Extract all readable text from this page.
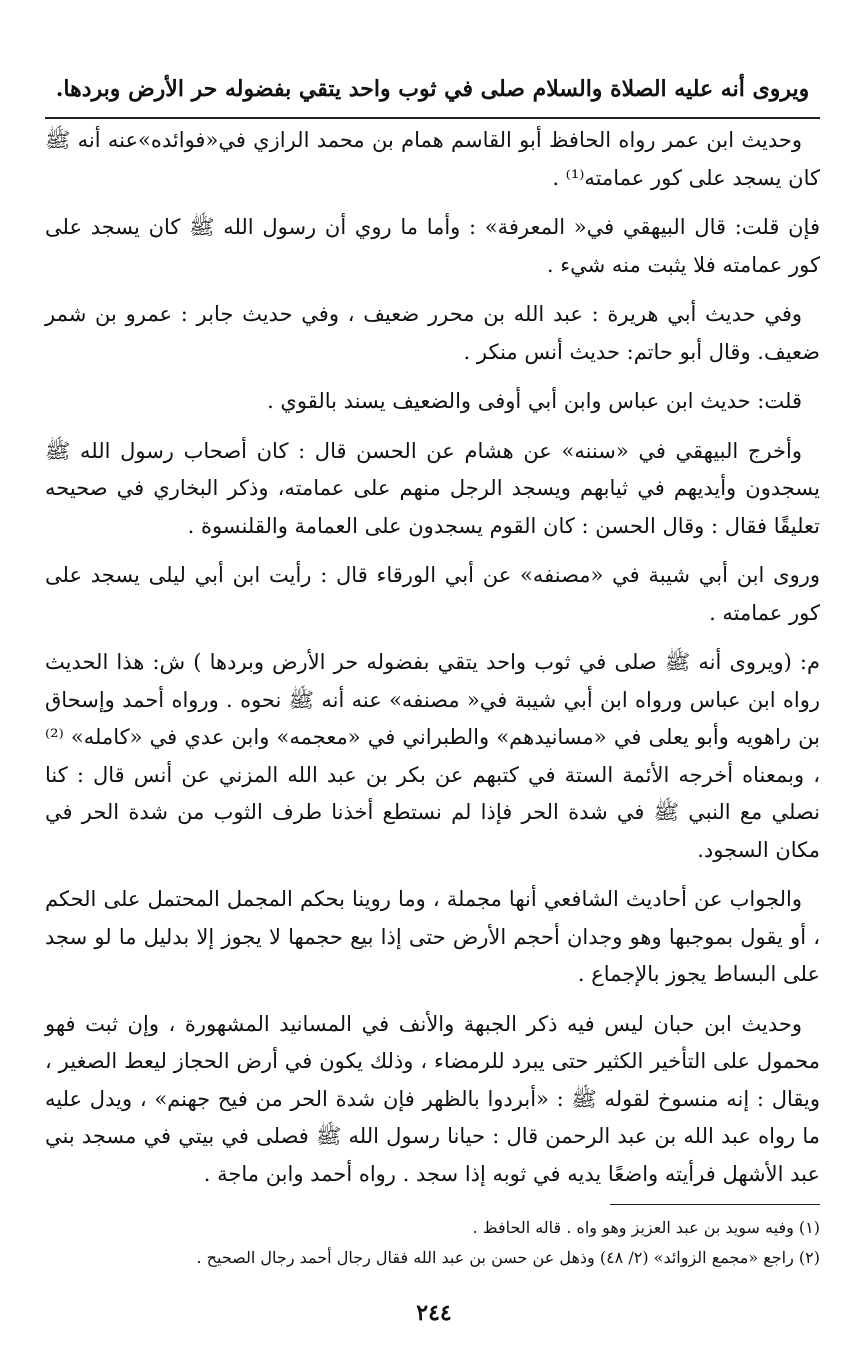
ويروى أنه عليه الصلاة والسلام صلى في ثوب واحد يتقي بفضوله حر الأرض وبردها.

وحديث ابن عمر رواه الحافظ أبو القاسم همام بن محمد الرازي في«فوائده»عنه أنه ﷺ كان يسجد على كور عمامته⁽¹⁾ .

فإن قلت: قال البيهقي في« المعرفة» : وأما ما روي أن رسول الله ﷺ كان يسجد على كور عمامته فلا يثبت منه شيء .

وفي حديث أبي هريرة : عبد الله بن محرر ضعيف ، وفي حديث جابر : عمرو بن شمر ضعيف. وقال أبو حاتم: حديث أنس منكر .

قلت: حديث ابن عباس وابن أبي أوفى والضعيف يسند بالقوي .

وأخرج البيهقي في «سننه» عن هشام عن الحسن قال : كان أصحاب رسول الله ﷺ يسجدون وأيديهم في ثيابهم ويسجد الرجل منهم على عمامته، وذكر البخاري في صحيحه تعليقًا فقال : وقال الحسن : كان القوم يسجدون على العمامة والقلنسوة .

وروى ابن أبي شيبة في «مصنفه» عن أبي الورقاء قال : رأيت ابن أبي ليلى يسجد على كور عمامته .

م: (ويروى أنه ﷺ صلى في ثوب واحد يتقي بفضوله حر الأرض وبردها ) ش: هذا الحديث رواه ابن عباس ورواه ابن أبي شيبة في« مصنفه» عنه أنه ﷺ نحوه . ورواه أحمد وإسحاق بن راهويه وأبو يعلى في «مسانيدهم» والطبراني في «معجمه» وابن عدي في «كامله» ⁽²⁾ ، وبمعناه أخرجه الأئمة الستة في كتبهم عن بكر بن عبد الله المزني عن أنس قال : كنا نصلي مع النبي ﷺ في شدة الحر فإذا لم نستطع أخذنا طرف الثوب من شدة الحر في مكان السجود.

والجواب عن أحاديث الشافعي أنها مجملة ، وما روينا بحكم المجمل المحتمل على الحكم ، أو يقول بموجبها وهو وجدان أحجم الأرض حتى إذا بيع حجمها لا يجوز إلا بدليل ما لو سجد على البساط يجوز بالإجماع .

وحديث ابن حبان ليس فيه ذكر الجبهة والأنف في المسانيد المشهورة ، وإن ثبت فهو محمول على التأخير الكثير حتى يبرد للرمضاء ، وذلك يكون في أرض الحجاز ليعط الصغير ، ويقال : إنه منسوخ لقوله ﷺ : «أبردوا بالظهر فإن شدة الحر من فيح جهنم» ، ويدل عليه ما رواه عبد الله بن عبد الرحمن قال : حيانا رسول الله ﷺ فصلى في بيتي في مسجد بني عبد الأشهل فرأيته واضعًا يديه في ثوبه إذا سجد . رواه أحمد وابن ماجة .

(١) وفيه سويد بن عبد العزيز وهو واه . قاله الحافظ .

(٢) راجع «مجمع الزوائد» (٢/ ٤٨) وذهل عن حسن بن عبد الله فقال رجال أحمد رجال الصحيح .

٢٤٤
